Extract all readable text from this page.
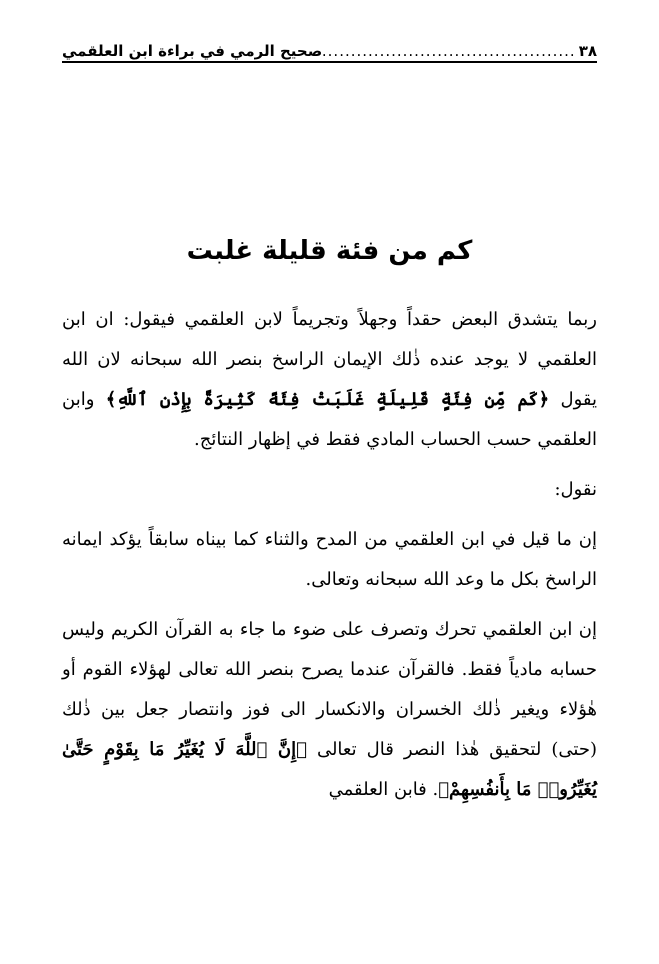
٣٨
.....
صحيح الرمي في براءة ابن العلقمي
كم من فئة قليلة غلبت

ربما يتشدق البعض حقداً وجهلاً وتجريماً لابن العلقمي فيقول: ان ابن العلقمي لا يوجد عنده ذٰلك الإيمان الراسخ بنصر الله سبحانه لان الله يقول ﴿كَم مِّن فِئَةٍ قَلِيلَةٍ غَلَبَتْ فِئَةً كَثِيرَةً بِإِذْنِ ٱللَّهِ﴾ وابن العلقمي حسب الحساب المادي فقط في إظهار النتائج.

نقول:

إن ما قيل في ابن العلقمي من المدح والثناء كما بيناه سابقاً يؤكد ايمانه الراسخ بكل ما وعد الله سبحانه وتعالى.

إن ابن العلقمي تحرك وتصرف على ضوء ما جاء به القرآن الكريم وليس حسابه مادياً فقط. فالقرآن عندما يصرح بنصر الله تعالى لهؤلاء القوم أو هٰؤلاء ويغير ذٰلك الخسران والانكسار الى فوز وانتصار جعل بين ذٰلك (حتى) لتحقيق هٰذا النصر قال تعالى ﴿إِنَّ ٱللَّهَ لَا يُغَيِّرُ مَا بِقَوْمٍ حَتَّىٰ يُغَيِّرُوا۟ مَا بِأَنفُسِهِمْ﴾. فابن العلقمي
